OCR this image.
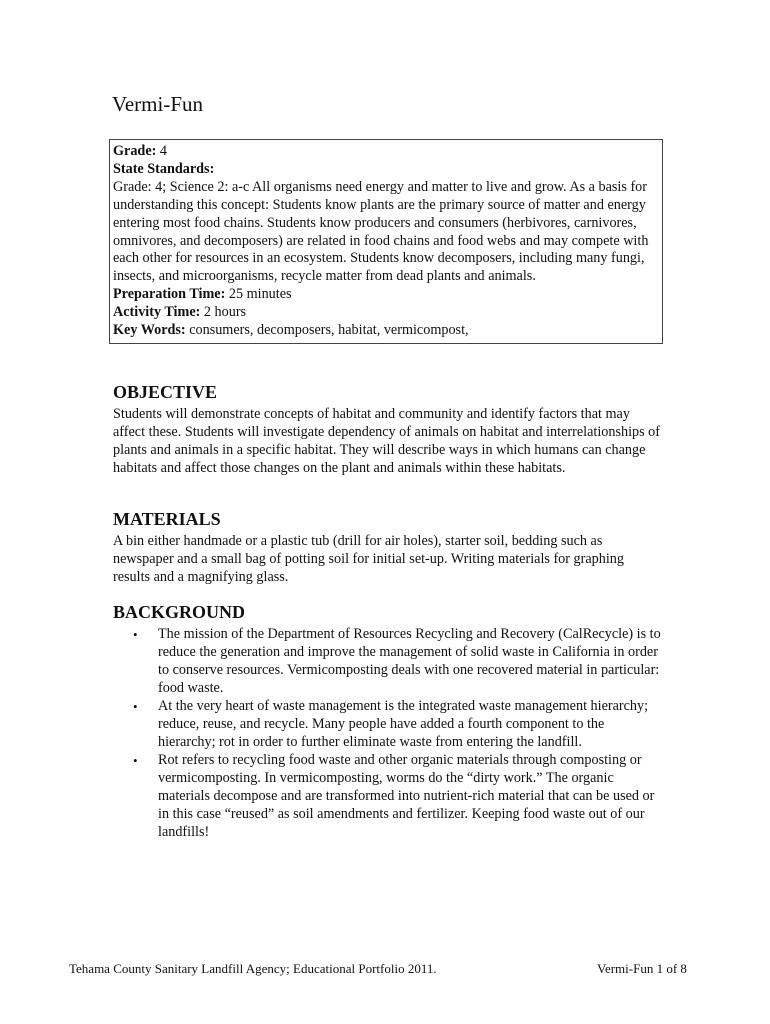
Vermi-Fun

Grade: 4

State Standards:

Grade: 4; Science 2: a-c All organisms need energy and matter to live and grow. As a basis for understanding this concept: Students know plants are the primary source of matter and energy entering most food chains. Students know producers and consumers (herbivores, carnivores, omnivores, and decomposers) are related in food chains and food webs and may compete with each other for resources in an ecosystem. Students know decomposers, including many fungi, insects, and microorganisms, recycle matter from dead plants and animals.

Preparation Time: 25 minutes

Activity Time: 2 hours

Key Words: consumers, decomposers, habitat, vermicompost,

OBJECTIVE

Students will demonstrate concepts of habitat and community and identify factors that may affect these. Students will investigate dependency of animals on habitat and interrelationships of plants and animals in a specific habitat. They will describe ways in which humans can change habitats and affect those changes on the plant and animals within these habitats.

MATERIALS

A bin either handmade or a plastic tub (drill for air holes), starter soil, bedding such as newspaper and a small bag of potting soil for initial set-up. Writing materials for graphing results and a magnifying glass.

BACKGROUND
• The mission of the Department of Resources Recycling and Recovery (CalRecycle) is to reduce the generation and improve the management of solid waste in California in order to conserve resources. Vermicomposting deals with one recovered material in particular: food waste.
• At the very heart of waste management is the integrated waste management hierarchy; reduce, reuse, and recycle. Many people have added a fourth component to the hierarchy; rot in order to further eliminate waste from entering the landfill.
• Rot refers to recycling food waste and other organic materials through composting or vermicomposting. In vermicomposting, worms do the “dirty work.” The organic materials decompose and are transformed into nutrient-rich material that can be used or in this case “reused” as soil amendments and fertilizer. Keeping food waste out of our landfills!
Tehama County Sanitary Landfill Agency; Educational Portfolio 2011.	Vermi-Fun 1 of 8
